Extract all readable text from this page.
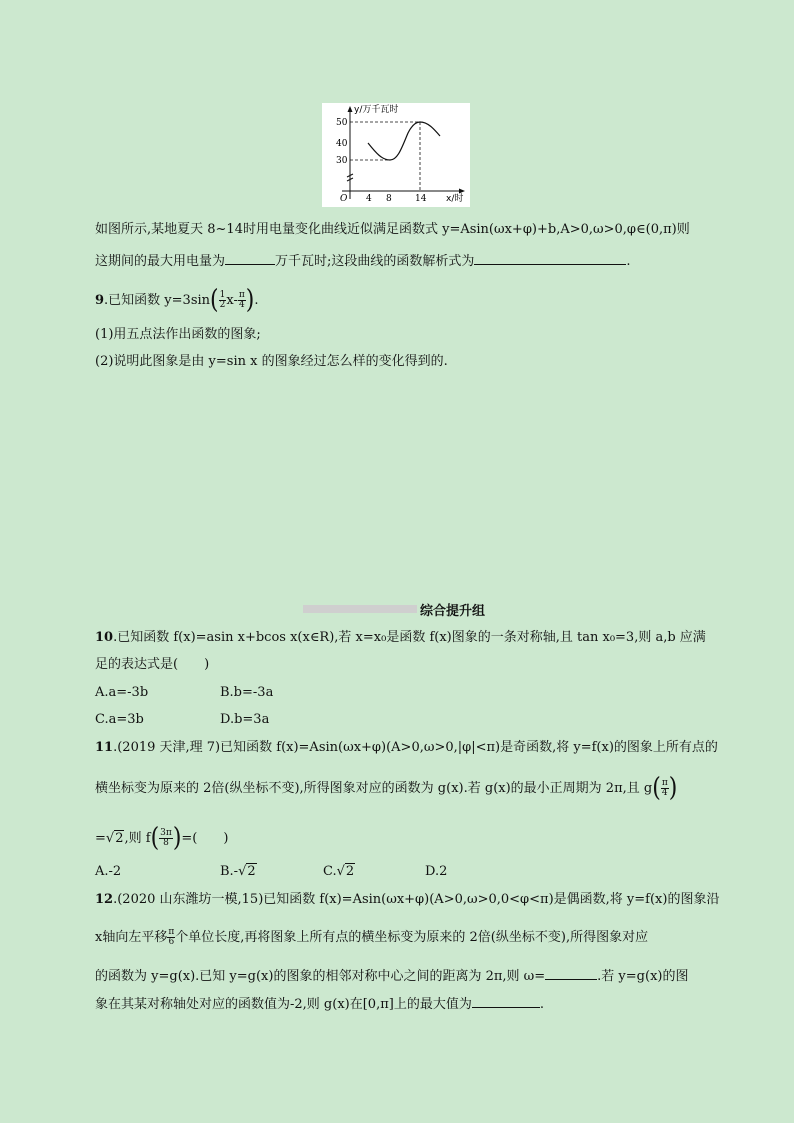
50
40
30
4 8	14
O
y/万千瓦时
x/时
如图所示,某地夏天 8~14时用电量变化曲线近似满足函数式 y=Asin(ωx+φ)+b,A>0,ω>0,φ∈(0,π)则
这期间的最大用电量为	万千瓦时;这段曲线的函数解析式为	.
9.已知函数 $y=3\sin( \frac{1}{2} x- \frac{\pi}{4}$ ).
(1)用五点法作出函数的图象;
(2)说明此图象是由 y=sin x 的图象经过怎么样的变化得到的.
综合提升组
10.已知函数 f(x)=asin x+bcos x(x∈R),若 x=x₀是函数 f(x)图象的一条对称轴,且 tan x₀=3,则 a,b 应满
足的表达式是(　　)
A.a=-3b	B.b=-3a
C.a=3b	D.b=3a
11.(2019 天津,理 7)已知函数 f(x)=Asin(ωx+φ)(A>0,ω>0,|φ|<π)是奇函数,将 y=f(x)的图象上所有点的
横坐标变为原来的 2倍(纵坐标不变),所得图象对应的函数为 g(x).若 g(x)的最小正周期为 2π,且 $g( \frac{\pi}{4}$ )
=√2,则 $f( \frac{3\pi}{8}$ )=(　　)
A.-2	B.-√2	C.√2	D.2
12.(2020 山东潍坊一模,15)已知函数 f(x)=Asin(ωx+φ)(A>0,ω>0,0<φ<π)是偶函数,将 y=f(x)的图象沿
x轴向左平移 $\frac{\pi}{6}$ 个单位长度,再将图象上所有点的横坐标变为原来的 2倍(纵坐标不变),所得图象对应
的函数为 y=g(x).已知 y=g(x)的图象的相邻对称中心之间的距离为 2π,则 ω=	.若 y=g(x)的图
象在其某对称轴处对应的函数值为-2,则 g(x)在[0,π]上的最大值为	.
